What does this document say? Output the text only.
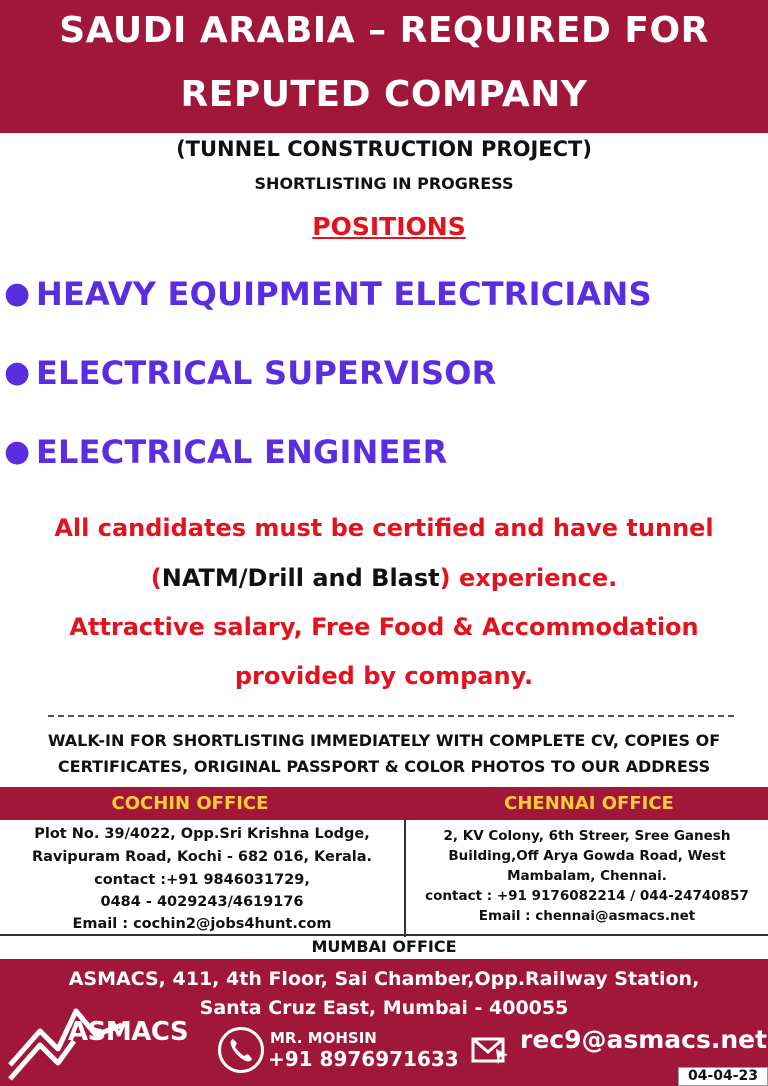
SAUDI ARABIA – REQUIRED FOR
REPUTED COMPANY
(TUNNEL CONSTRUCTION PROJECT)
SHORTLISTING IN PROGRESS
POSITIONS
● HEAVY EQUIPMENT ELECTRICIANS
● ELECTRICAL SUPERVISOR
● ELECTRICAL ENGINEER
All candidates must be certified and have tunnel
(NATM/Drill and Blast) experience.
Attractive salary, Free Food & Accommodation
provided by company.
WALK-IN FOR SHORTLISTING IMMEDIATELY WITH COMPLETE CV, COPIES OF
CERTIFICATES, ORIGINAL PASSPORT & COLOR PHOTOS TO OUR ADDRESS
COCHIN OFFICE	CHENNAI OFFICE
Plot No. 39/4022, Opp.Sri Krishna Lodge,
Ravipuram Road, Kochi - 682 016, Kerala.
contact :+91 9846031729,
0484 - 4029243/4619176
Email : cochin2@jobs4hunt.com
2, KV Colony, 6th Streer, Sree Ganesh
Building,Off Arya Gowda Road, West
Mambalam, Chennai.
contact : +91 9176082214 / 044-24740857
Email : chennai@asmacs.net
MUMBAI OFFICE
ASMACS, 411, 4th Floor, Sai Chamber,Opp.Railway Station,
Santa Cruz East, Mumbai - 400055
ASMACS	MR. MOHSIN
+91 8976971633
rec9@asmacs.net
04-04-23
